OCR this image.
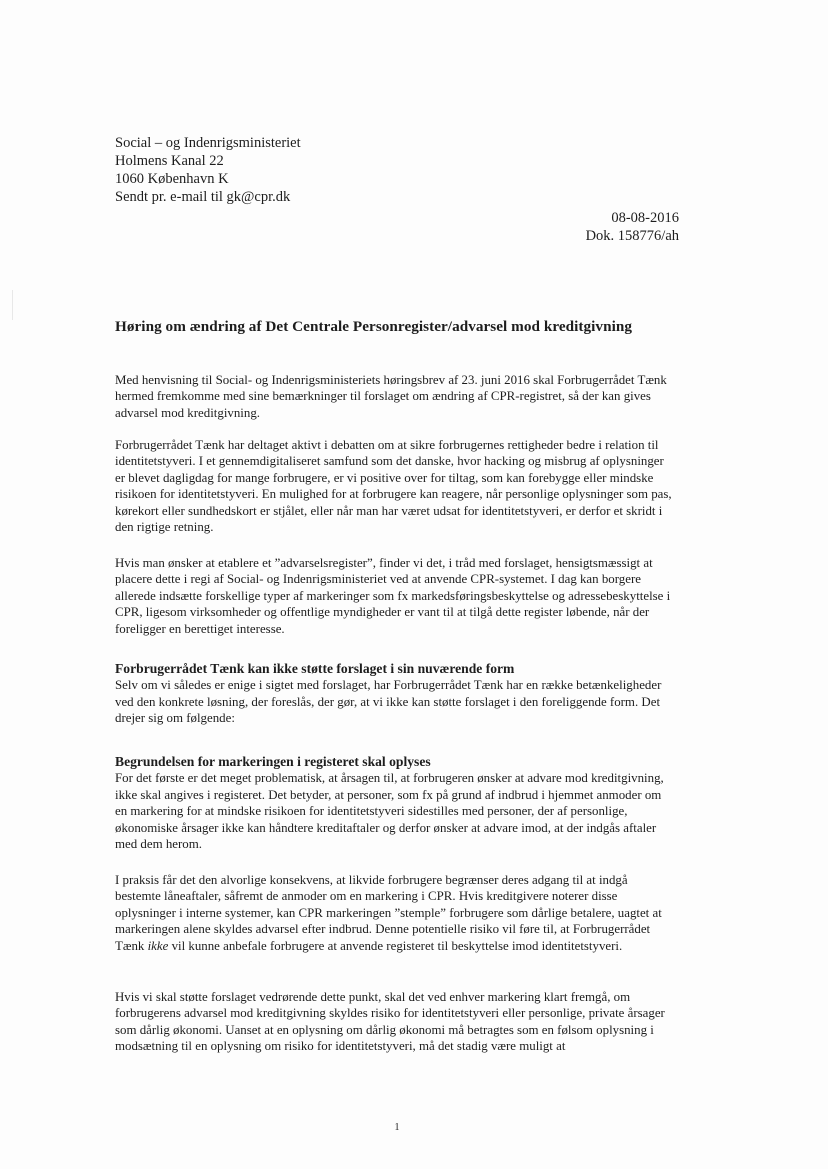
Social – og Indenrigsministeriet
Holmens Kanal 22
1060 København K
Sendt pr. e-mail til gk@cpr.dk
08-08-2016
Dok. 158776/ah
Høring om ændring af Det Centrale Personregister/advarsel mod kreditgivning

Med henvisning til Social- og Indenrigsministeriets høringsbrev af 23. juni 2016 skal Forbrugerrådet Tænk hermed fremkomme med sine bemærkninger til forslaget om ændring af CPR-registret, så der kan gives advarsel mod kreditgivning.

Forbrugerrådet Tænk har deltaget aktivt i debatten om at sikre forbrugernes rettigheder bedre i relation til identitetstyveri. I et gennemdigitaliseret samfund som det danske, hvor hacking og misbrug af oplysninger er blevet dagligdag for mange forbrugere, er vi positive over for tiltag, som kan forebygge eller mindske risikoen for identitetstyveri. En mulighed for at forbrugere kan reagere, når personlige oplysninger som pas, kørekort eller sundhedskort er stjålet, eller når man har været udsat for identitetstyveri, er derfor et skridt i den rigtige retning.

Hvis man ønsker at etablere et ”advarselsregister”, finder vi det, i tråd med forslaget, hensigtsmæssigt at placere dette i regi af Social- og Indenrigsministeriet ved at anvende CPR-systemet. I dag kan borgere allerede indsætte forskellige typer af markeringer som fx markedsføringsbeskyttelse og adressebeskyttelse i CPR, ligesom virksomheder og offentlige myndigheder er vant til at tilgå dette register løbende, når der foreligger en berettiget interesse.

Forbrugerrådet Tænk kan ikke støtte forslaget i sin nuværende form

Selv om vi således er enige i sigtet med forslaget, har Forbrugerrådet Tænk har en række betænkeligheder ved den konkrete løsning, der foreslås, der gør, at vi ikke kan støtte forslaget i den foreliggende form. Det drejer sig om følgende:

Begrundelsen for markeringen i registeret skal oplyses

For det første er det meget problematisk, at årsagen til, at forbrugeren ønsker at advare mod kreditgivning, ikke skal angives i registeret. Det betyder, at personer, som fx på grund af indbrud i hjemmet anmoder om en markering for at mindske risikoen for identitetstyveri sidestilles med personer, der af personlige, økonomiske årsager ikke kan håndtere kreditaftaler og derfor ønsker at advare imod, at der indgås aftaler med dem herom.

I praksis får det den alvorlige konsekvens, at likvide forbrugere begrænser deres adgang til at indgå bestemte låneaftaler, såfremt de anmoder om en markering i CPR. Hvis kreditgivere noterer disse oplysninger i interne systemer, kan CPR markeringen ”stemple” forbrugere som dårlige betalere, uagtet at markeringen alene skyldes advarsel efter indbrud. Denne potentielle risiko vil føre til, at Forbrugerrådet Tænk ikke vil kunne anbefale forbrugere at anvende registeret til beskyttelse imod identitetstyveri.

Hvis vi skal støtte forslaget vedrørende dette punkt, skal det ved enhver markering klart fremgå, om forbrugerens advarsel mod kreditgivning skyldes risiko for identitetstyveri eller personlige, private årsager som dårlig økonomi. Uanset at en oplysning om dårlig økonomi må betragtes som en følsom oplysning i modsætning til en oplysning om risiko for identitetstyveri, må det stadig være muligt at

1
